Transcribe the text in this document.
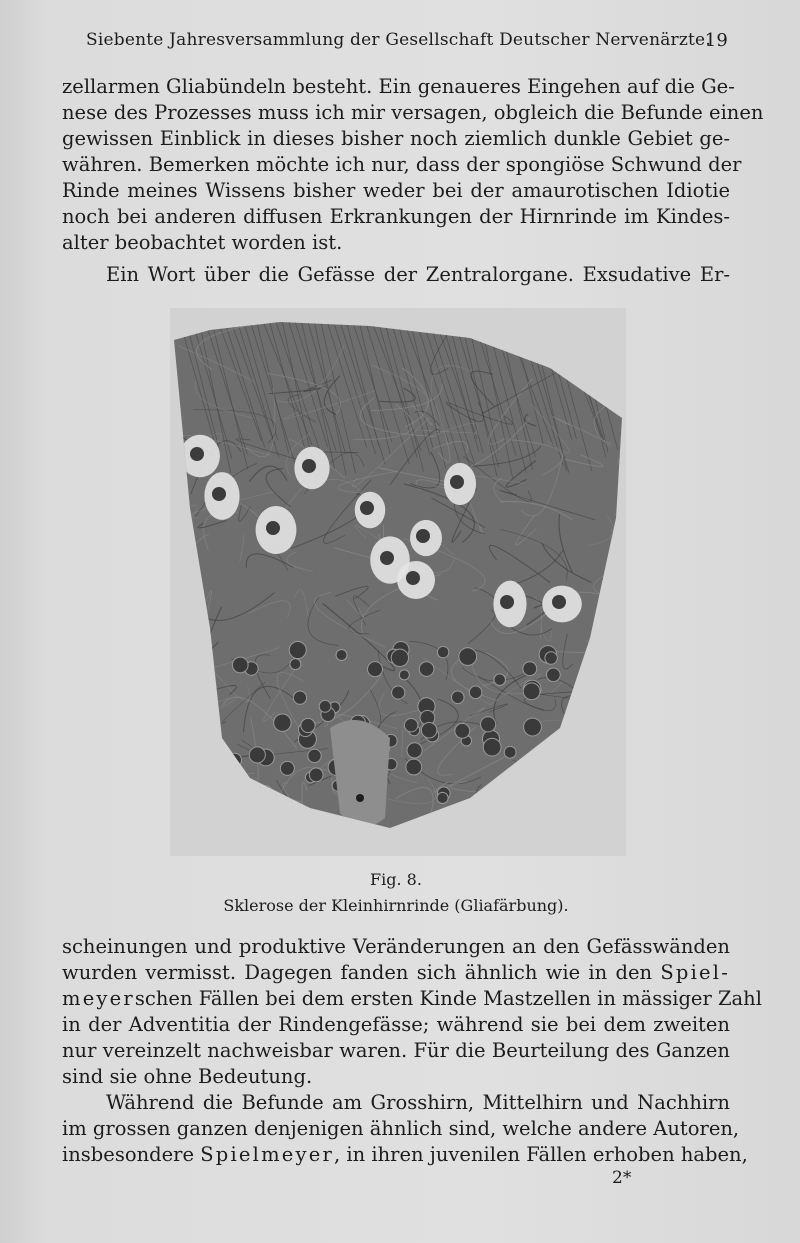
Siebente Jahresversammlung der Gesellschaft Deutscher Nervenärzte.
19
zellarmen Gliabündeln besteht. Ein genaueres Eingehen auf die Ge-
nese des Prozesses muss ich mir versagen, obgleich die Befunde einen
gewissen Einblick in dieses bisher noch ziemlich dunkle Gebiet ge-
währen. Bemerken möchte ich nur, dass der spongiöse Schwund der
Rinde meines Wissens bisher weder bei der amaurotischen Idiotie
noch bei anderen diffusen Erkrankungen der Hirnrinde im Kindes-
alter beobachtet worden ist.
Ein Wort über die Gefässe der Zentralorgane. Exsudative Er-
Fig. 8.
Sklerose der Kleinhirnrinde (Gliafärbung).
scheinungen und produktive Veränderungen an den Gefässwänden
wurden vermisst. Dagegen fanden sich ähnlich wie in den Spiel-
meyerschen Fällen bei dem ersten Kinde Mastzellen in mässiger Zahl
in der Adventitia der Rindengefässe; während sie bei dem zweiten
nur vereinzelt nachweisbar waren. Für die Beurteilung des Ganzen
sind sie ohne Bedeutung.
Während die Befunde am Grosshirn, Mittelhirn und Nachhirn
im grossen ganzen denjenigen ähnlich sind, welche andere Autoren,
insbesondere Spielmeyer, in ihren juvenilen Fällen erhoben haben,
2*
